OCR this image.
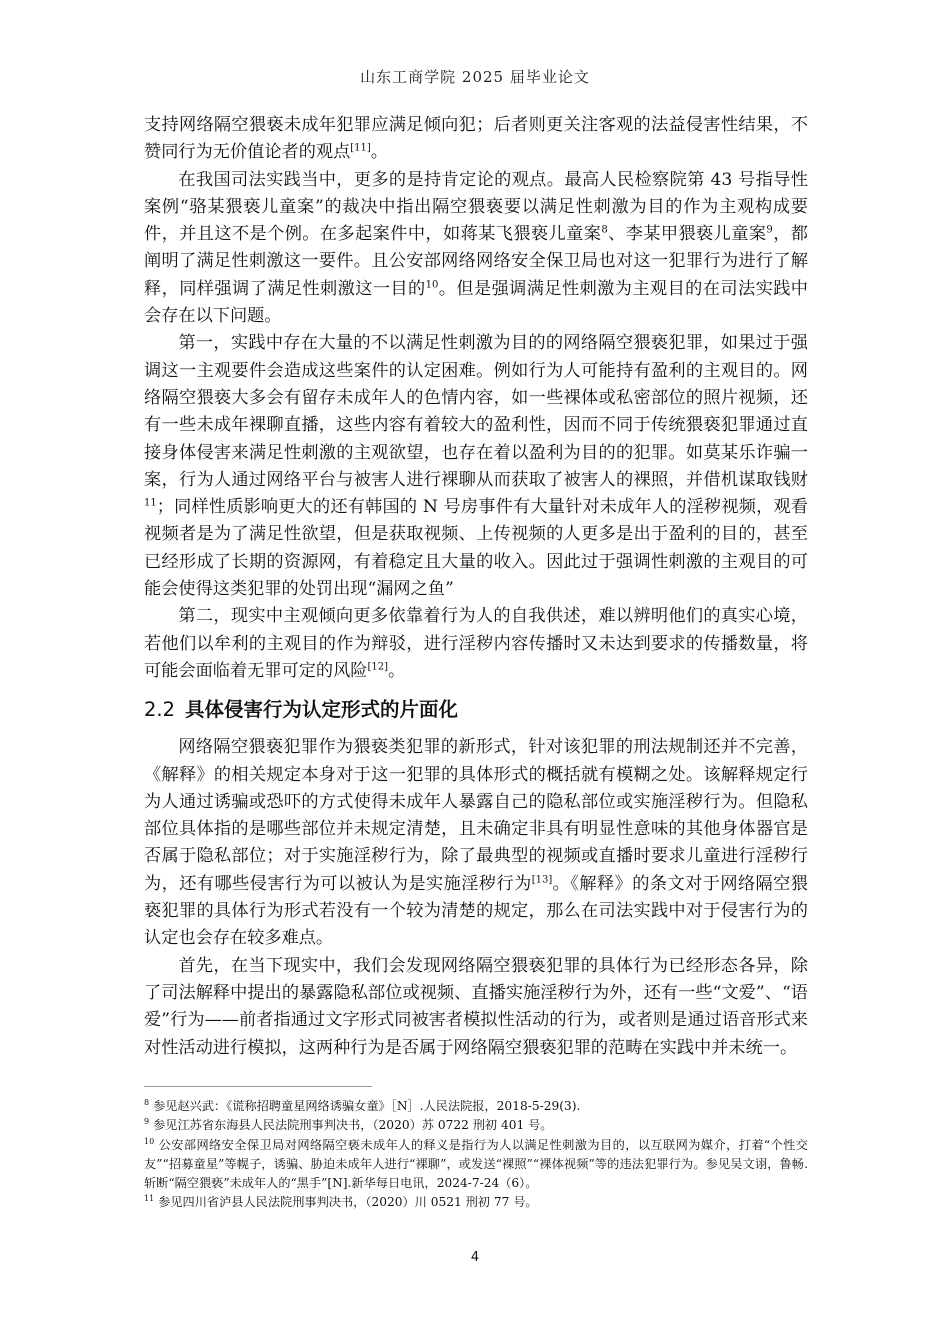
山东工商学院 2025 届毕业论文

支持网络隔空猥亵未成年犯罪应满足倾向犯；后者则更关注客观的法益侵害性结果，不赞同行为无价值论者的观点[11]。

在我国司法实践当中，更多的是持肯定论的观点。最高人民检察院第 43 号指导性案例“骆某猥亵儿童案”的裁决中指出隔空猥亵要以满足性刺激为目的作为主观构成要件，并且这不是个例。在多起案件中，如蒋某飞猥亵儿童案$^8$、李某甲猥亵儿童案$^9$，都阐明了满足性刺激这一要件。且公安部网络网络安全保卫局也对这一犯罪行为进行了解释，同样强调了满足性刺激这一目的$^{10}$。但是强调满足性刺激为主观目的在司法实践中会存在以下问题。

第一，实践中存在大量的不以满足性刺激为目的的网络隔空猥亵犯罪，如果过于强调这一主观要件会造成这些案件的认定困难。例如行为人可能持有盈利的主观目的。网络隔空猥亵大多会有留存未成年人的色情内容，如一些裸体或私密部位的照片视频，还有一些未成年裸聊直播，这些内容有着较大的盈利性，因而不同于传统猥亵犯罪通过直接身体侵害来满足性刺激的主观欲望，也存在着以盈利为目的的犯罪。如莫某乐诈骗一案，行为人通过网络平台与被害人进行裸聊从而获取了被害人的裸照，并借机谋取钱财$^{11}$；同样性质影响更大的还有韩国的 N 号房事件有大量针对未成年人的淫秽视频，观看视频者是为了满足性欲望，但是获取视频、上传视频的人更多是出于盈利的目的，甚至已经形成了长期的资源网，有着稳定且大量的收入。因此过于强调性刺激的主观目的可能会使得这类犯罪的处罚出现“漏网之鱼”

第二，现实中主观倾向更多依靠着行为人的自我供述，难以辨明他们的真实心境，若他们以牟利的主观目的作为辩驳，进行淫秽内容传播时又未达到要求的传播数量，将可能会面临着无罪可定的风险[12]。

2.2 具体侵害行为认定形式的片面化

网络隔空猥亵犯罪作为猥亵类犯罪的新形式，针对该犯罪的刑法规制还并不完善，《解释》的相关规定本身对于这一犯罪的具体形式的概括就有模糊之处。该解释规定行为人通过诱骗或恐吓的方式使得未成年人暴露自己的隐私部位或实施淫秽行为。但隐私部位具体指的是哪些部位并未规定清楚，且未确定非具有明显性意味的其他身体器官是否属于隐私部位；对于实施淫秽行为，除了最典型的视频或直播时要求儿童进行淫秽行为，还有哪些侵害行为可以被认为是实施淫秽行为[13]。《解释》的条文对于网络隔空猥亵犯罪的具体行为形式若没有一个较为清楚的规定，那么在司法实践中对于侵害行为的认定也会存在较多难点。

首先，在当下现实中，我们会发现网络隔空猥亵犯罪的具体行为已经形态各异，除了司法解释中提出的暴露隐私部位或视频、直播实施淫秽行为外，还有一些“文爱”、“语爱”行为——前者指通过文字形式同被害者模拟性活动的行为，或者则是通过语音形式来对性活动进行模拟，这两种行为是否属于网络隔空猥亵犯罪的范畴在实践中并未统一。

$^8$ 参见赵兴武：《谎称招聘童星网络诱骗女童》［N］.人民法院报，2018-5-29(3).

$^9$ 参见江苏省东海县人民法院刑事判决书，（2020）苏 0722 刑初 401 号。

$^{10}$ 公安部网络安全保卫局对网络隔空亵未成年人的释义是指行为人以满足性刺激为目的，以互联网为媒介，打着“个性交友”“招募童星”等幌子，诱骗、胁迫未成年人进行“裸聊”，或发送“裸照”“裸体视频”等的违法犯罪行为。参见吴文诩，鲁畅. 斩断“隔空猥亵”未成年人的“黑手”[N].新华每日电讯，2024-7-24（6）。

$^{11}$ 参见四川省泸县人民法院刑事判决书，（2020）川 0521 刑初 77 号。

4
